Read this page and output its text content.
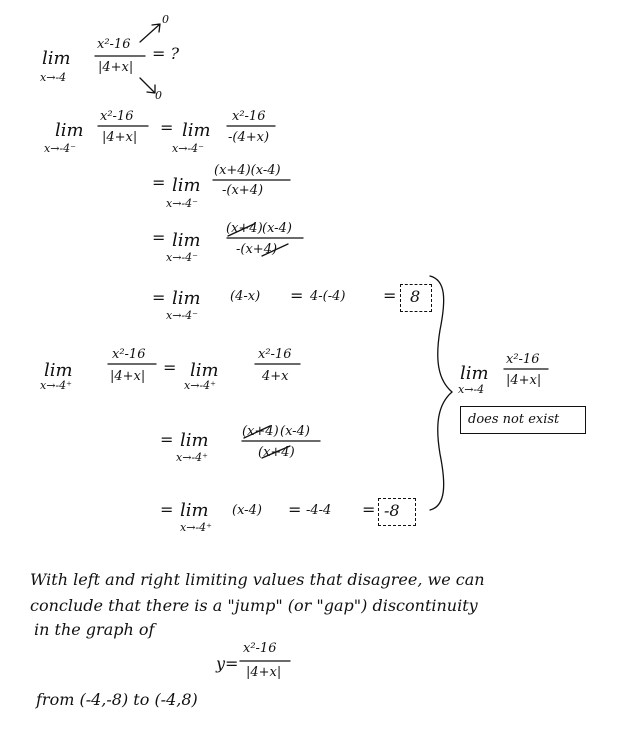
lim
x→-4
x²-16
|4+x|
= ?
0
0
lim
x→-4⁻
x²-16
|4+x|
= lim
x→-4⁻
x²-16
-(4+x)
= lim
x→-4⁻
(x+4)(x-4)
-(x+4)
= lim
x→-4⁻
(x+4) (x-4)
-(x+4)
= lim
x→-4⁻
(4-x) = 4-(-4) = 8
lim
x→-4⁺
x²-16
|4+x| = lim
x→-4⁺
x²-16
4+x
= lim
x→-4⁺
(x+4) (x-4)
(x+4)
= lim
x→-4⁺
(x-4) = -4-4 = -8
lim
x→-4
x²-16
|4+x|
does not exist
With left and right limiting values that disagree, we can
conclude that there is a "jump" (or "gap") discontinuity
in the graph of
y=
x²-16
|4+x|
from (-4,-8) to (-4,8)
